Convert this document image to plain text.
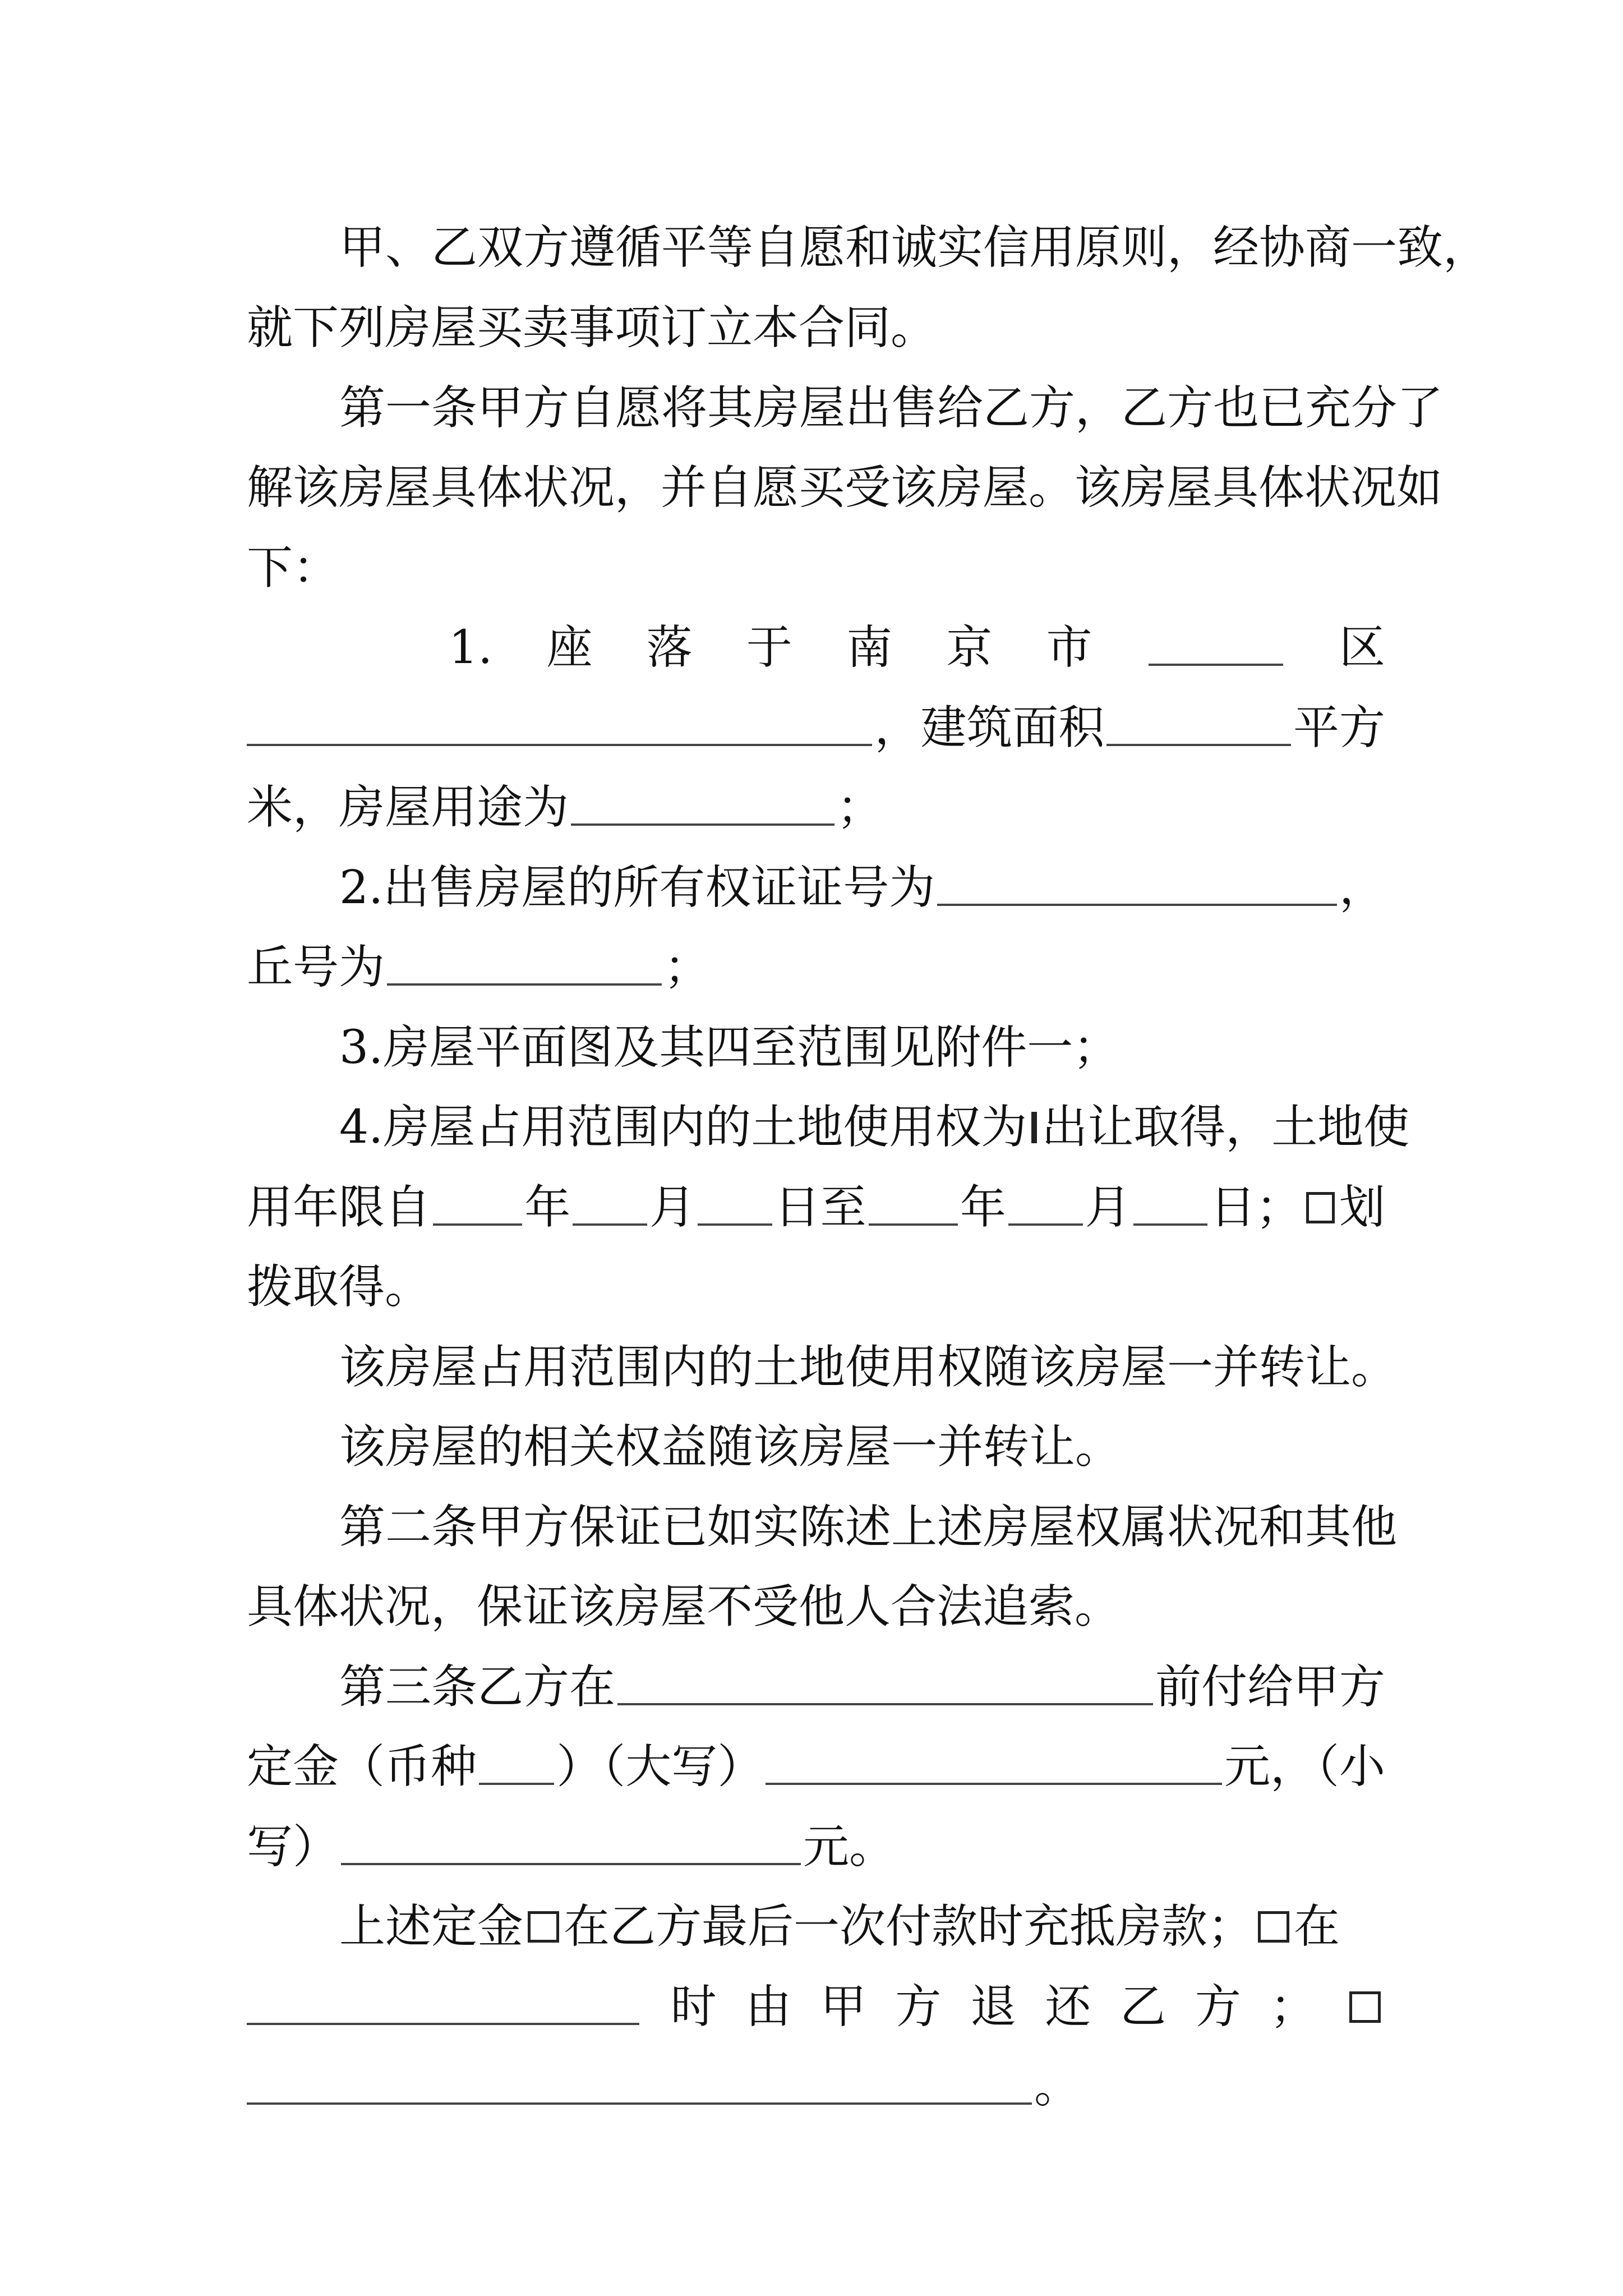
甲、乙双方遵循平等自愿和诚实信用原则，经协商一致，
就下列房屋买卖事项订立本合同。
第一条甲方自愿将其房屋出售给乙方，乙方也已充分了
解该房屋具体状况，并自愿买受该房屋。该房屋具体状况如
下：
1. 座 落 于 南 京 市	区
，建筑面积	平方
米，房屋用途为	；
2.出售房屋的所有权证证号为	，
丘号为	；
3.房屋平面图及其四至范围见附件一；
4.房屋占用范围内的土地使用权为 出让取得，土地使
用年限自 年 月 日至 年 月 日； 划
拨取得。
该房屋占用范围内的土地使用权随该房屋一并转让。
该房屋的相关权益随该房屋一并转让。
第二条甲方保证已如实陈述上述房屋权属状况和其他
具体状况，保证该房屋不受他人合法追索。
第三条乙方在	前付给甲方
定金（币种 ）（大写）	元，（小
写）	元。
上述定金 在乙方最后一次付款时充抵房款； 在
时 由 甲 方 退 还 乙 方 ；
。
